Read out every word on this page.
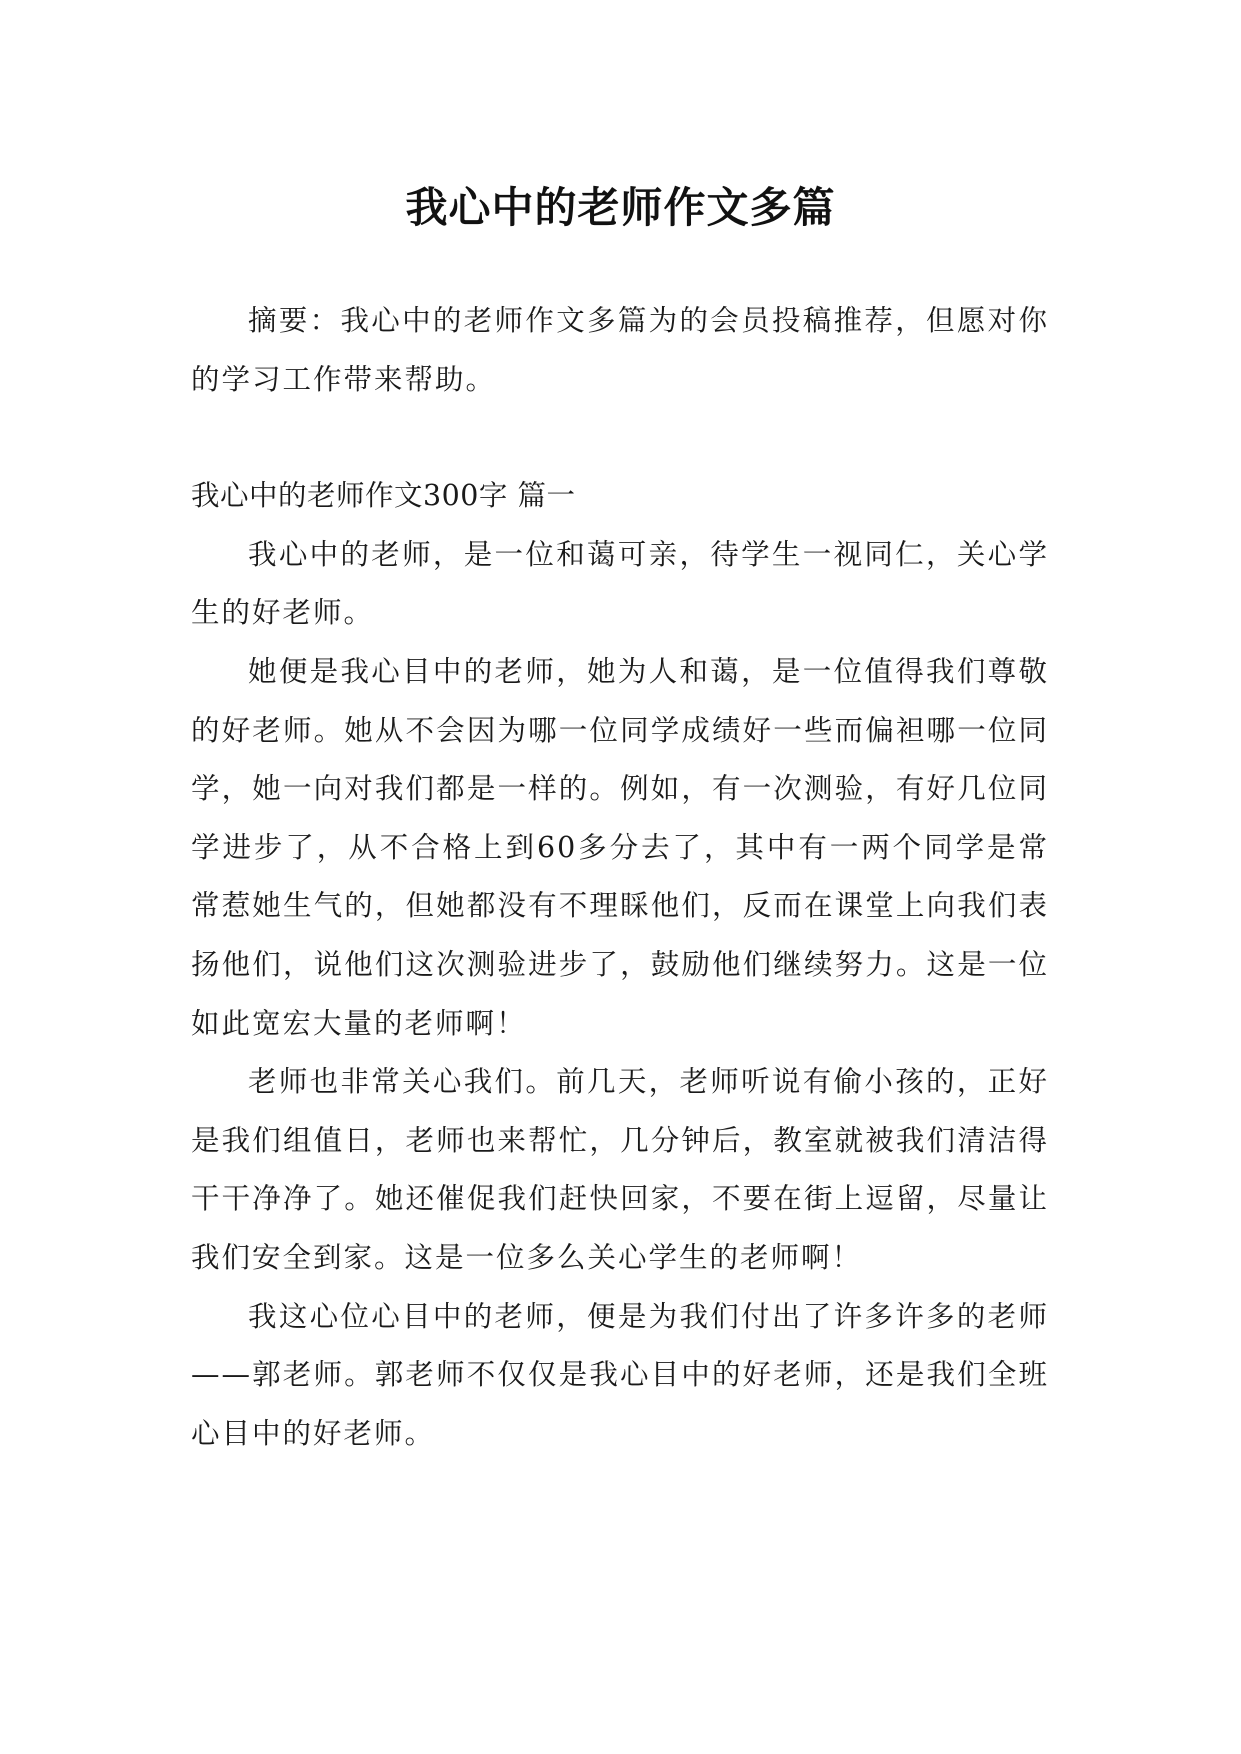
我心中的老师作文多篇

摘要：我心中的老师作文多篇为的会员投稿推荐，但愿对你的学习工作带来帮助。

我心中的老师作文300字 篇一

我心中的老师，是一位和蔼可亲，待学生一视同仁，关心学生的好老师。

她便是我心目中的老师，她为人和蔼，是一位值得我们尊敬的好老师。她从不会因为哪一位同学成绩好一些而偏袒哪一位同学，她一向对我们都是一样的。例如，有一次测验，有好几位同学进步了，从不合格上到60多分去了，其中有一两个同学是常常惹她生气的，但她都没有不理睬他们，反而在课堂上向我们表扬他们，说他们这次测验进步了，鼓励他们继续努力。这是一位如此宽宏大量的老师啊！

老师也非常关心我们。前几天，老师听说有偷小孩的，正好是我们组值日，老师也来帮忙，几分钟后，教室就被我们清洁得干干净净了。她还催促我们赶快回家，不要在街上逗留，尽量让我们安全到家。这是一位多么关心学生的老师啊！

我这心位心目中的老师，便是为我们付出了许多许多的老师——郭老师。郭老师不仅仅是我心目中的好老师，还是我们全班心目中的好老师。
